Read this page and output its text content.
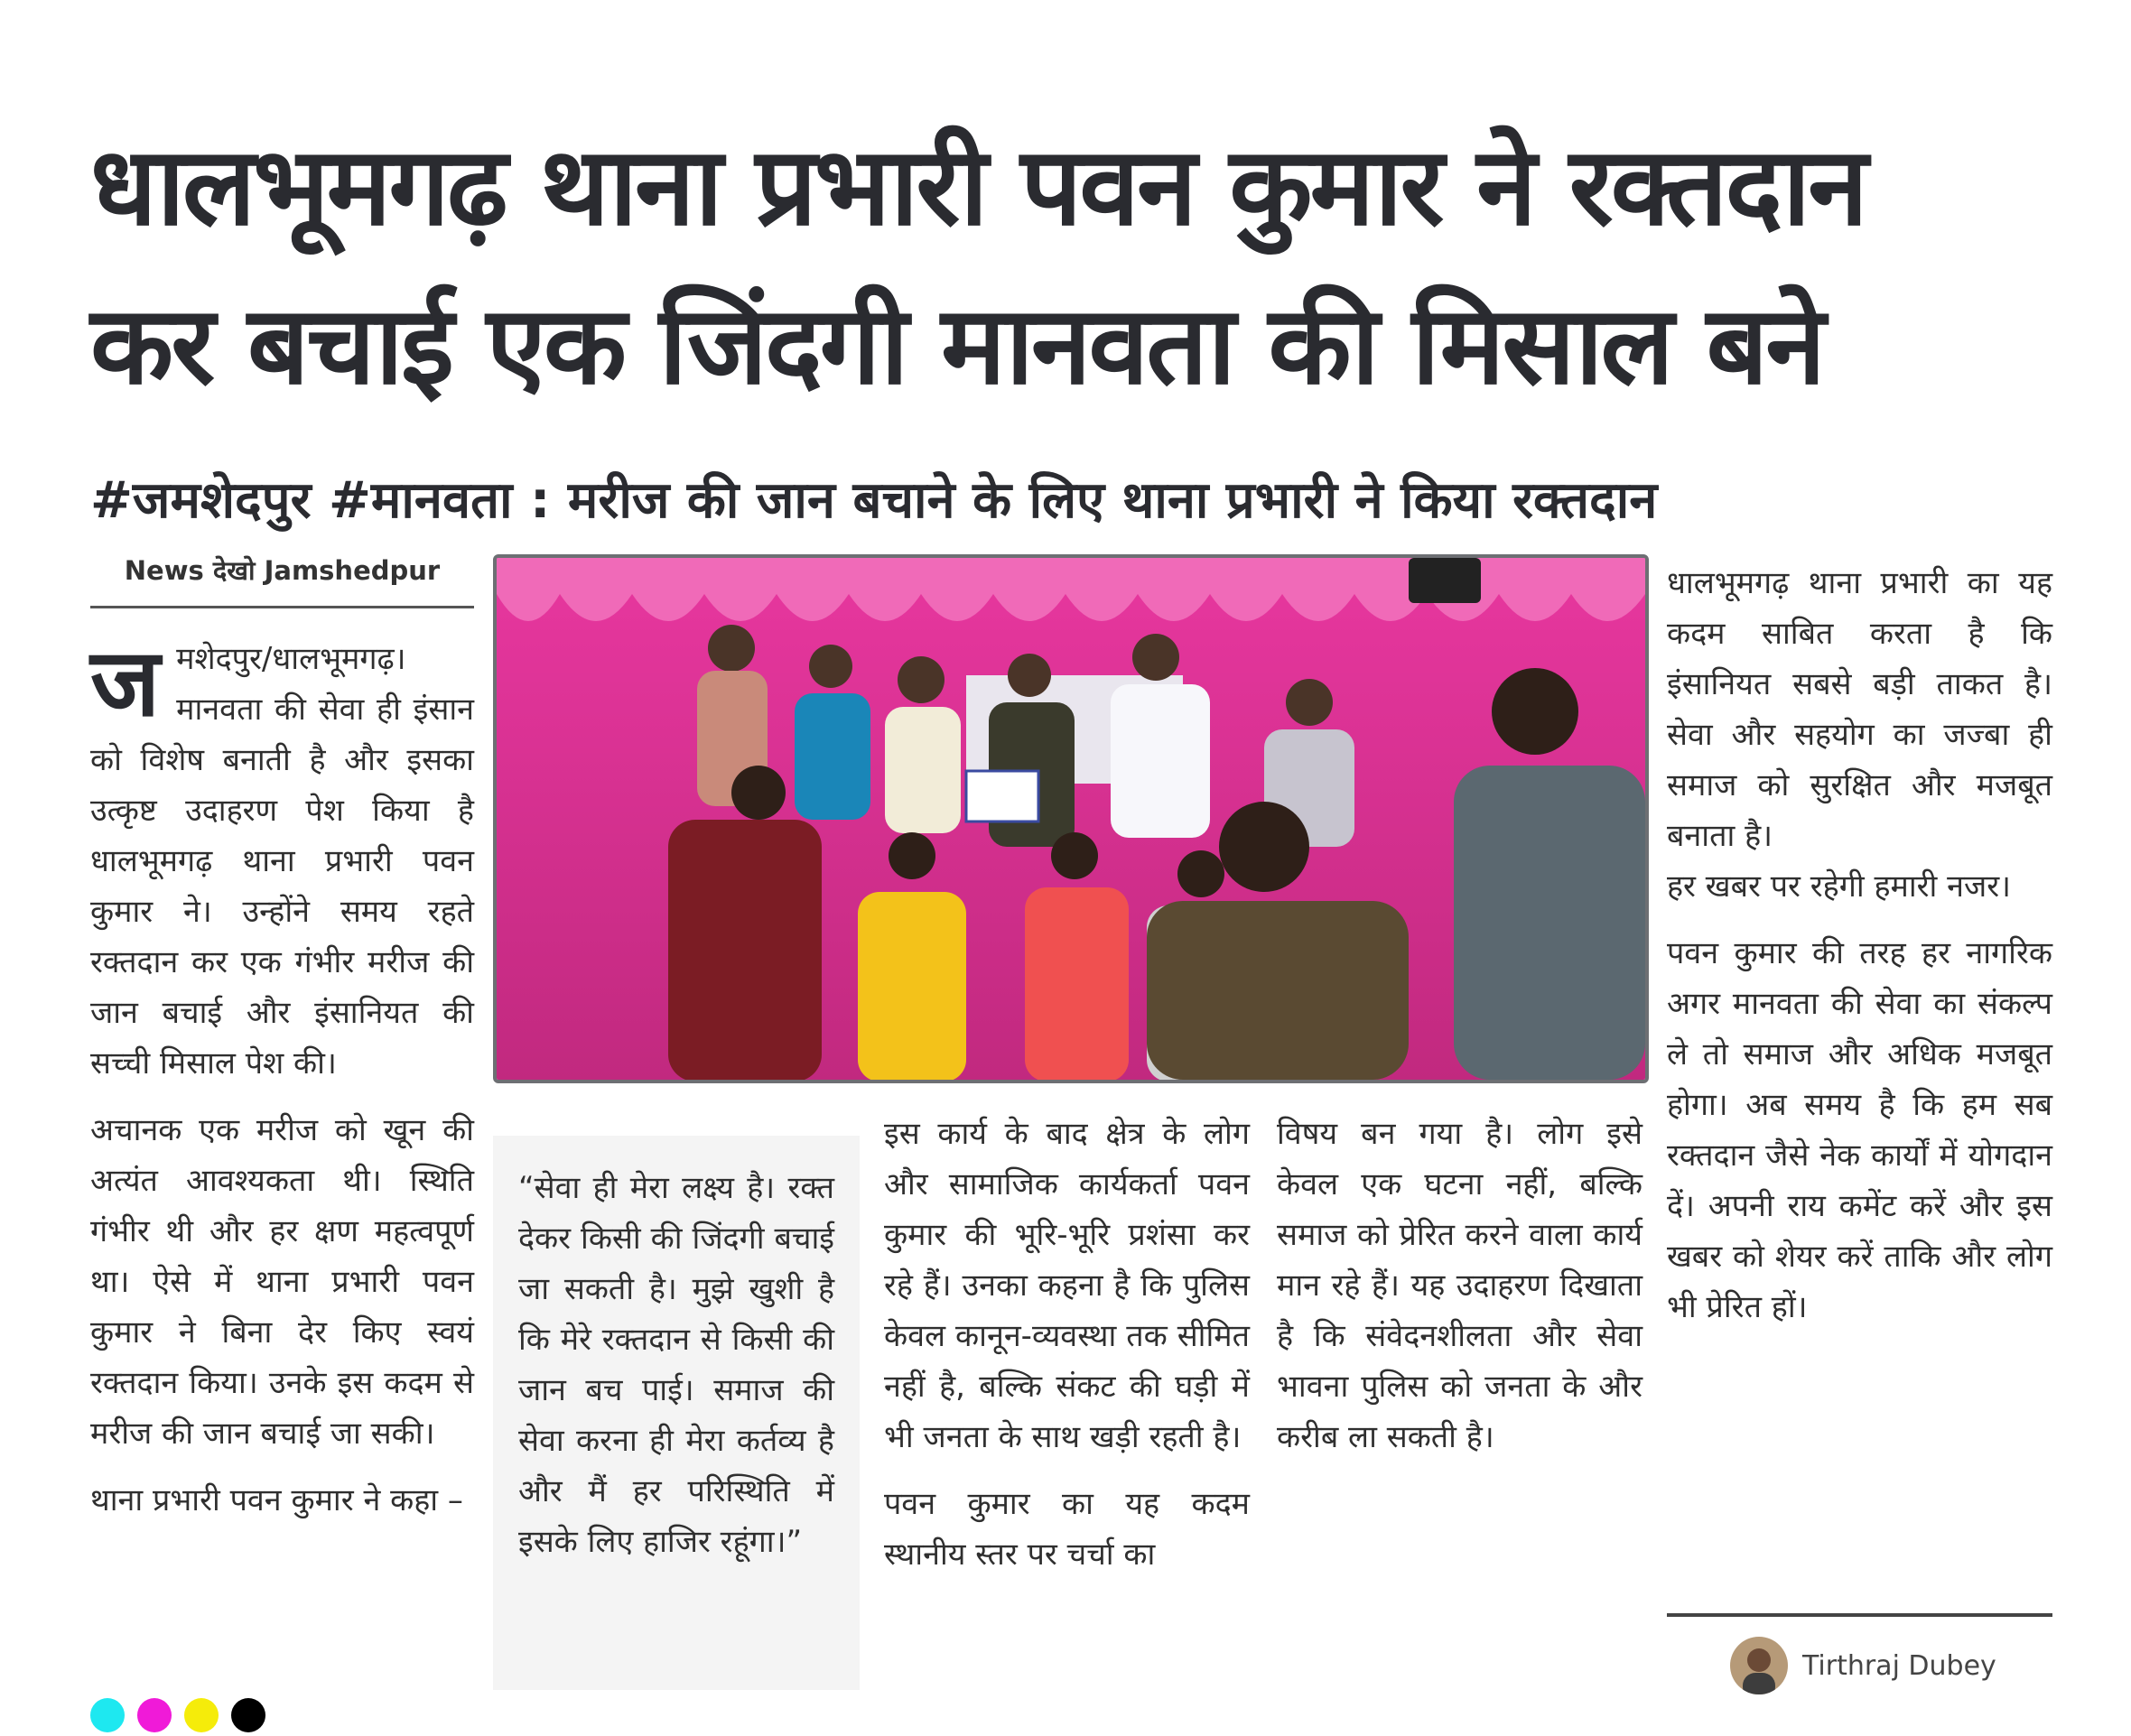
धालभूमगढ़ थाना प्रभारी पवन कुमार ने रक्तदान
कर बचाई एक जिंदगी मानवता की मिसाल बने
#जमशेदपुर #मानवता : मरीज की जान बचाने के लिए थाना प्रभारी ने किया रक्तदान
News देखो Jamshedpur

जमशेदपुर/धालभूमगढ़। मानवता की सेवा ही इंसान को विशेष बनाती है और इसका उत्कृष्ट उदाहरण पेश किया है धालभूमगढ़ थाना प्रभारी पवन कुमार ने। उन्होंने समय रहते रक्तदान कर एक गंभीर मरीज की जान बचाई और इंसानियत की सच्ची मिसाल पेश की।

अचानक एक मरीज को खून की अत्यंत आवश्यकता थी। स्थिति गंभीर थी और हर क्षण महत्वपूर्ण था। ऐसे में थाना प्रभारी पवन कुमार ने बिना देर किए स्वयं रक्तदान किया। उनके इस कदम से मरीज की जान बचाई जा सकी।

थाना प्रभारी पवन कुमार ने कहा –

“सेवा ही मेरा लक्ष्य है। रक्त देकर किसी की जिंदगी बचाई जा सकती है। मुझे खुशी है कि मेरे रक्तदान से किसी की जान बच पाई। समाज की सेवा करना ही मेरा कर्तव्य है और मैं हर परिस्थिति में इसके लिए हाजिर रहूंगा।”

इस कार्य के बाद क्षेत्र के लोग और सामाजिक कार्यकर्ता पवन कुमार की भूरि-भूरि प्रशंसा कर रहे हैं। उनका कहना है कि पुलिस केवल कानून-व्यवस्था तक सीमित नहीं है, बल्कि संकट की घड़ी में भी जनता के साथ खड़ी रहती है।

पवन कुमार का यह कदम स्थानीय स्तर पर चर्चा का

विषय बन गया है। लोग इसे केवल एक घटना नहीं, बल्कि समाज को प्रेरित करने वाला कार्य मान रहे हैं। यह उदाहरण दिखाता है कि संवेदनशीलता और सेवा भावना पुलिस को जनता के और करीब ला सकती है।

धालभूमगढ़ थाना प्रभारी का यह कदम साबित करता है कि इंसानियत सबसे बड़ी ताकत है। सेवा और सहयोग का जज्बा ही समाज को सुरक्षित और मजबूत बनाता है।

हर खबर पर रहेगी हमारी नजर।

पवन कुमार की तरह हर नागरिक अगर मानवता की सेवा का संकल्प ले तो समाज और अधिक मजबूत होगा। अब समय है कि हम सब रक्तदान जैसे नेक कार्यों में योगदान दें। अपनी राय कमेंट करें और इस खबर को शेयर करें ताकि और लोग भी प्रेरित हों।

Tirthraj Dubey
